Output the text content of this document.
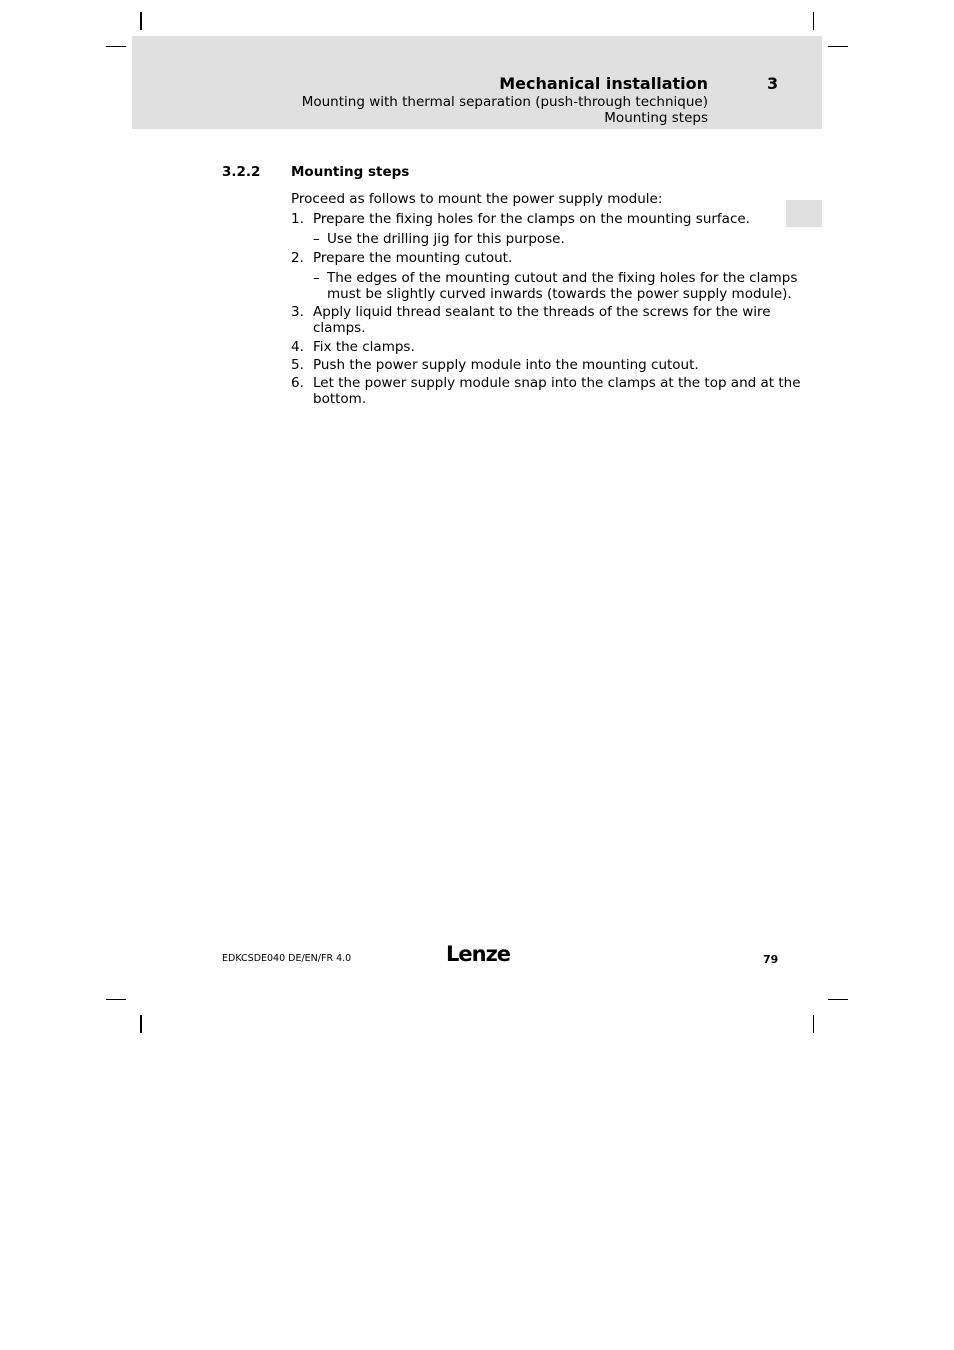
Mechanical installation	3
Mounting with thermal separation (push-through technique)
Mounting steps
3.2.2 Mounting steps
Proceed as follows to mount the power supply module:
1. Prepare the fixing holes for the clamps on the mounting surface.
– Use the drilling jig for this purpose.
2. Prepare the mounting cutout.
– The edges of the mounting cutout and the fixing holes for the clamps
must be slightly curved inwards (towards the power supply module).
3. Apply liquid thread sealant to the threads of the screws for the wire
clamps.
4. Fix the clamps.
5. Push the power supply module into the mounting cutout.
6. Let the power supply module snap into the clamps at the top and at the
bottom.
EDKCSDE040 DE/EN/FR 4.0	Lenze	79
